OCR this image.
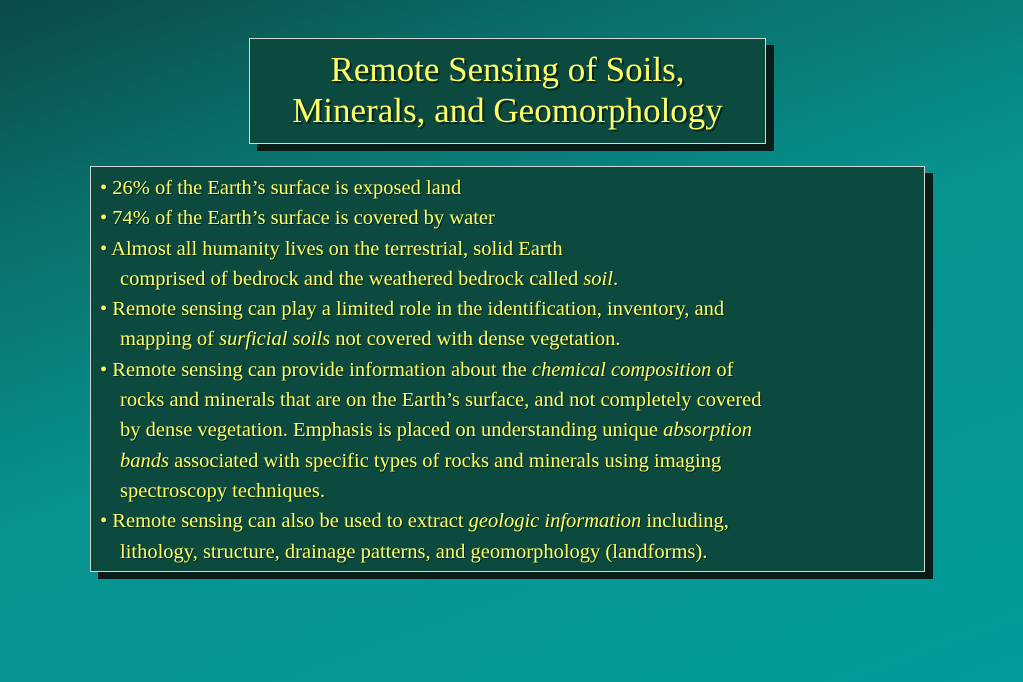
Remote Sensing of Soils,
Minerals, and Geomorphology
• 26% of the Earth’s surface is exposed land
• 74% of the Earth’s surface is covered by water
• Almost all humanity lives on the terrestrial, solid Earth
comprised of bedrock and the weathered bedrock called soil.
• Remote sensing can play a limited role in the identification, inventory, and
mapping of surficial soils not covered with dense vegetation.
• Remote sensing can provide information about the chemical composition of
rocks and minerals that are on the Earth’s surface, and not completely covered
by dense vegetation. Emphasis is placed on understanding unique absorption
bands associated with specific types of rocks and minerals using imaging
spectroscopy techniques.
• Remote sensing can also be used to extract geologic information including,
lithology, structure, drainage patterns, and geomorphology (landforms).
